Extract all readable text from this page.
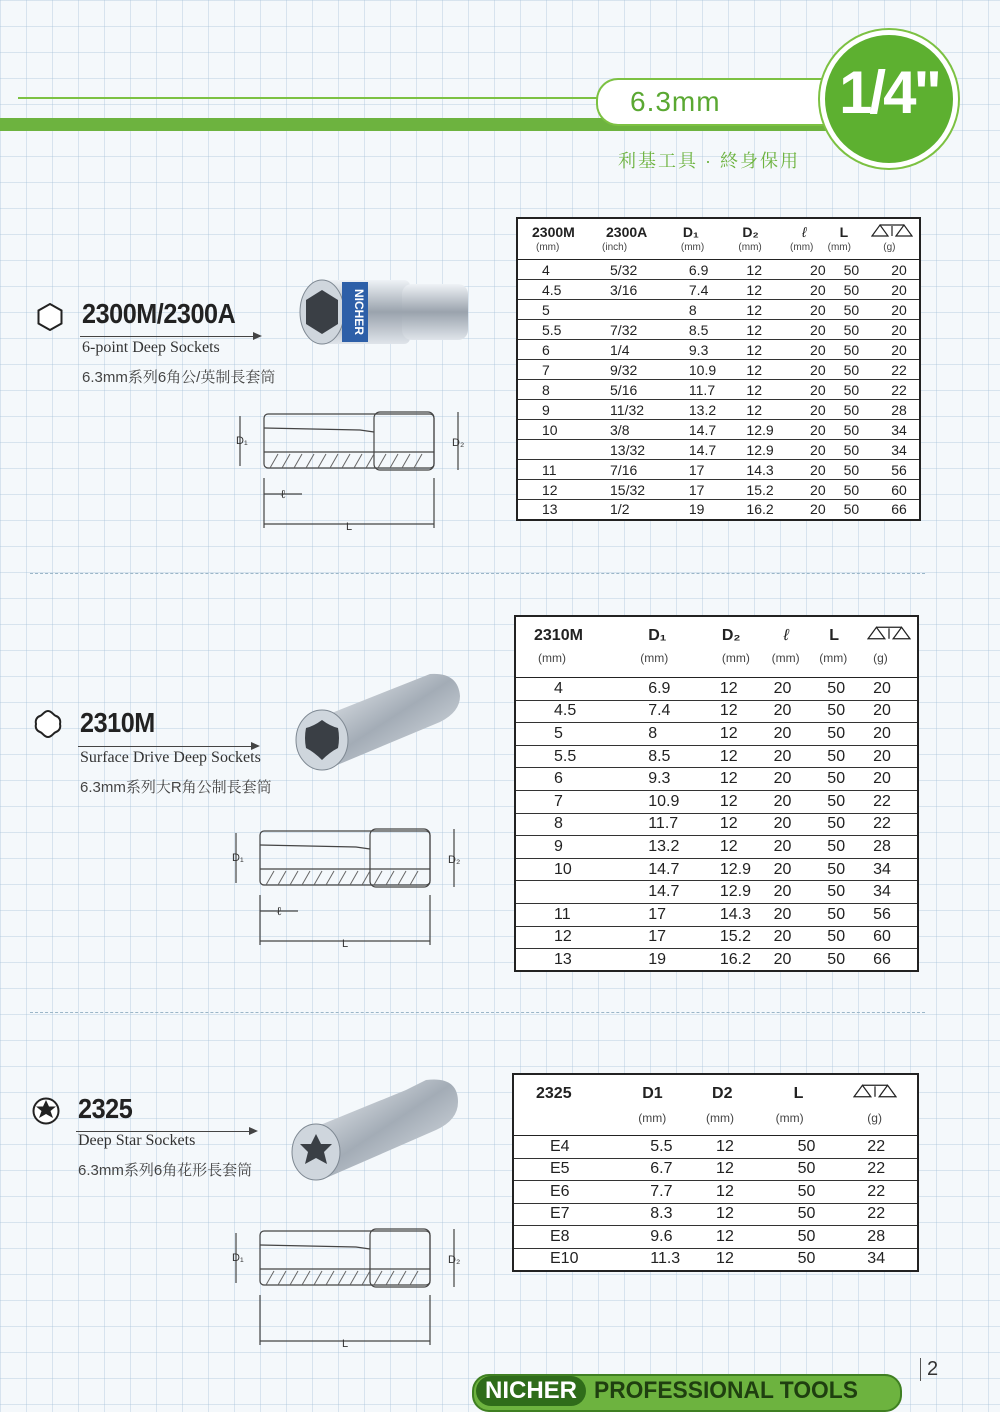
6.3mm	1/4"
利基工具 · 終身保用
2300M/2300A
6-point Deep Sockets
6.3mm系列6角公/英制長套筒
NICHER
D₁	D₂
ℓ
L
2300M	2300A	D₁	D₂	ℓ	L	
(mm)	(inch)	(mm)	(mm)	(mm)	(mm)	(g)
4	5/32	6.9	12	20	50	20
4.5	3/16	7.4	12	20	50	20
5		8	12	20	50	20
5.5	7/32	8.5	12	20	50	20
6	1/4	9.3	12	20	50	20
7	9/32	10.9	12	20	50	22
8	5/16	11.7	12	20	50	22
9	11/32	13.2	12	20	50	28
10	3/8	14.7	12.9	20	50	34
	13/32	14.7	12.9	20	50	34
11	7/16	17	14.3	20	50	56
12	15/32	17	15.2	20	50	60
13	1/2	19	16.2	20	50	66
2310M
Surface Drive Deep Sockets
6.3mm系列大R角公制長套筒
D₁	D₂
ℓ
L
2310M	D₁	D₂	ℓ	L	
(mm)	(mm)	(mm)	(mm)	(mm)	(g)
4	6.9	12	20	50	20
4.5	7.4	12	20	50	20
5	8	12	20	50	20
5.5	8.5	12	20	50	20
6	9.3	12	20	50	20
7	10.9	12	20	50	22
8	11.7	12	20	50	22
9	13.2	12	20	50	28
10	14.7	12.9	20	50	34
	14.7	12.9	20	50	34
11	17	14.3	20	50	56
12	17	15.2	20	50	60
13	19	16.2	20	50	66
2325
Deep Star Sockets
6.3mm系列6角花形長套筒
D₁	D₂
L
2325	D1	D2	L	
	(mm)	(mm)	(mm)	(g)
E4	5.5	12	50	22
E5	6.7	12	50	22
E6	7.7	12	50	22
E7	8.3	12	50	22
E8	9.6	12	50	28
E10	11.3	12	50	34
NICHER PROFESSIONAL TOOLS
2
